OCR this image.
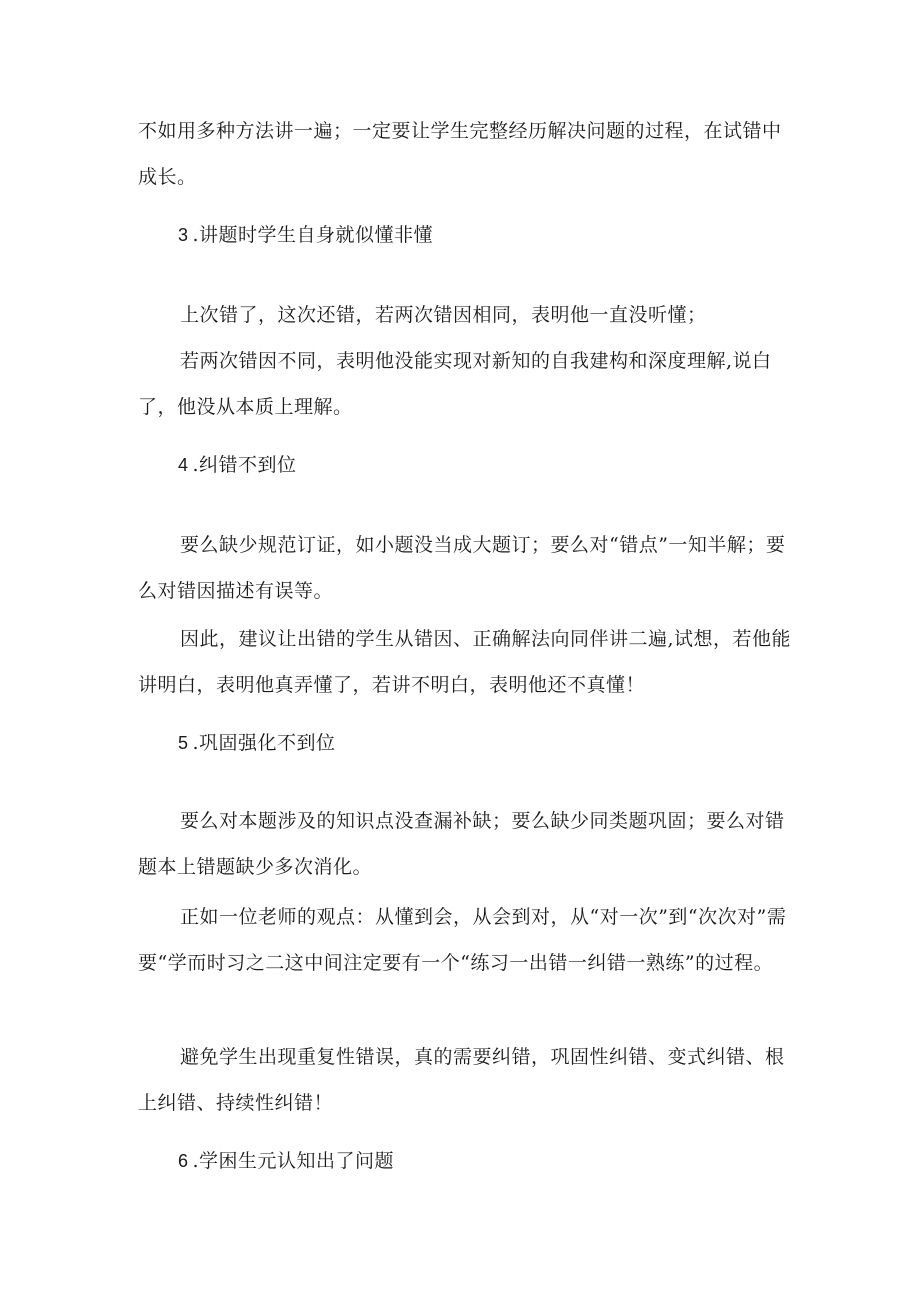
不如用多种方法讲一遍；一定要让学生完整经历解决问题的过程，在试错中成长。
3 .讲题时学生自身就似懂非懂
上次错了，这次还错，若两次错因相同，表明他一直没听懂；
若两次错因不同，表明他没能实现对新知的自我建构和深度理解,说白了，他没从本质上理解。
4 .纠错不到位
要么缺少规范订证，如小题没当成大题订；要么对“错点”一知半解；要么对错因描述有误等。
因此，建议让出错的学生从错因、正确解法向同伴讲二遍,试想，若他能讲明白，表明他真弄懂了，若讲不明白，表明他还不真懂！
5 .巩固强化不到位
要么对本题涉及的知识点没查漏补缺；要么缺少同类题巩固；要么对错题本上错题缺少多次消化。
正如一位老师的观点：从懂到会，从会到对，从“对一次”到“次次对”需要“学而时习之二这中间注定要有一个“练习一出错一纠错一熟练”的过程。
避免学生出现重复性错误，真的需要纠错，巩固性纠错、变式纠错、根上纠错、持续性纠错！
6 .学困生元认知出了问题
